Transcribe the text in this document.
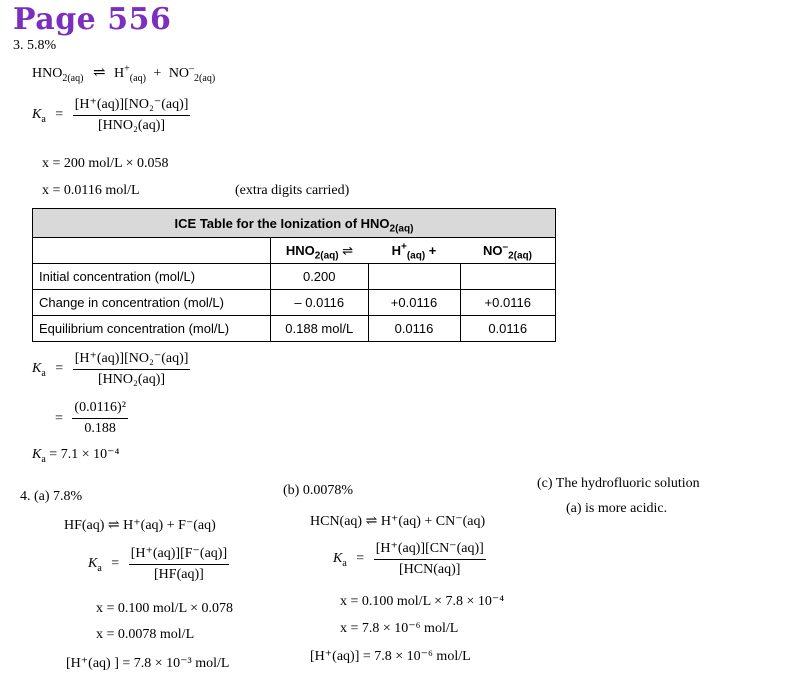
Page 556
3. 5.8%
$HNO_{2(aq)}$ ⇌ $H^+_{(aq)} + NO^-_{2(aq)}$
$K_a = \frac{\text{[H⁺(aq)][NO₂⁻(aq)]}}{\text{[HNO₂(aq)]}}$
x = 200 mol/L × 0.058
x = 0.0116 mol/L	(extra digits carried)
ICE Table for the Ionization of $HNO_{2(aq)}$
	$HNO_{2(aq)}$ ⇌	$H^+_{(aq)}$ +	$NO^-_{2(aq)}$
Initial concentration (mol/L)	0.200		
Change in concentration (mol/L)	– 0.0116	+0.0116	+0.0116
Equilibrium concentration (mol/L)	0.188 mol/L	0.0116	0.0116
$K_a = \frac{\text{[H⁺(aq)][NO₂⁻(aq)]}}{\text{[HNO₂(aq)]}}$
= $\frac{\text{(0.0116)²}}{0.188}$
$K_a = 7.1 \times 10^{-4}$
4. (a) 7.8%
HF(aq) ⇌ H⁺(aq) + F⁻(aq)
$K_a = \frac{[H^+(aq)][F^-(aq)]}{[HF(aq)]}$
x = 0.100 mol/L × 0.078
x = 0.0078 mol/L
[H⁺(aq) ] = 7.8 × 10⁻³ mol/L
(b) 0.0078%
HCN(aq) ⇌ H⁺(aq) + CN⁻(aq)
$K_a = \frac{[H^+(aq)][CN^-(aq)]}{\text{[HCN(aq)]}}$
x = 0.100 mol/L × 7.8 × 10⁻⁴
x = 7.8 × 10⁻⁶ mol/L
[H⁺(aq)] = 7.8 × 10⁻⁶ mol/L
(c) The hydrofluoric solution
(a) is more acidic.
